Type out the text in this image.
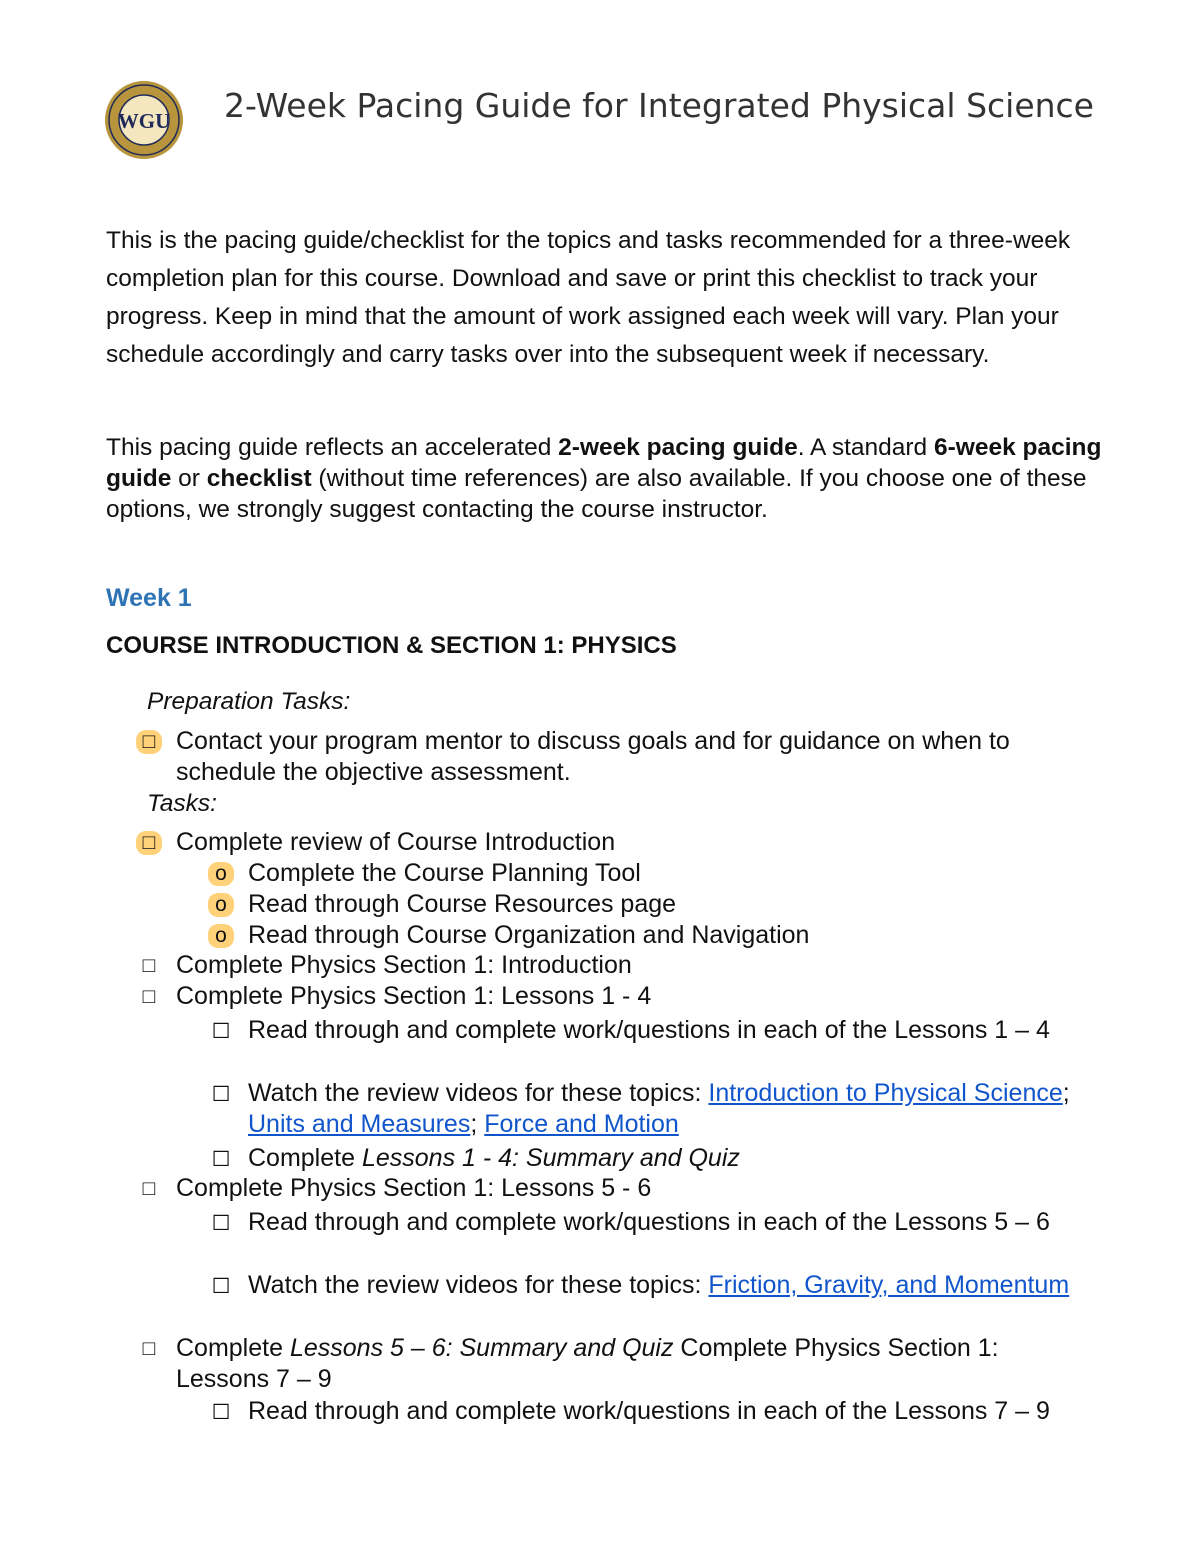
WGU 2-Week Pacing Guide for Integrated Physical Science

This is the pacing guide/checklist for the topics and tasks recommended for a three-week completion plan for this course. Download and save or print this checklist to track your progress. Keep in mind that the amount of work assigned each week will vary. Plan your schedule accordingly and carry tasks over into the subsequent week if necessary.

This pacing guide reflects an accelerated 2-week pacing guide. A standard 6-week pacing guide or checklist (without time references) are also available. If you choose one of these options, we strongly suggest contacting the course instructor.

Week 1
COURSE INTRODUCTION & SECTION 1: PHYSICS
Preparation Tasks:
□ Contact your program mentor to discuss goals and for guidance on when to schedule the objective assessment.
Tasks:
□ Complete review of Course Introduction
o Complete the Course Planning Tool
o Read through Course Resources page
o Read through Course Organization and Navigation
□ Complete Physics Section 1: Introduction
□ Complete Physics Section 1: Lessons 1 - 4
☐ Read through and complete work/questions in each of the Lessons 1 – 4
☐ Watch the review videos for these topics: Introduction to Physical Science; Units and Measures; Force and Motion
☐ Complete Lessons 1 - 4: Summary and Quiz
□ Complete Physics Section 1: Lessons 5 - 6
☐ Read through and complete work/questions in each of the Lessons 5 – 6
☐ Watch the review videos for these topics: Friction, Gravity, and Momentum
□ Complete Lessons 5 – 6: Summary and Quiz Complete Physics Section 1: Lessons 7 – 9
☐ Read through and complete work/questions in each of the Lessons 7 – 9
